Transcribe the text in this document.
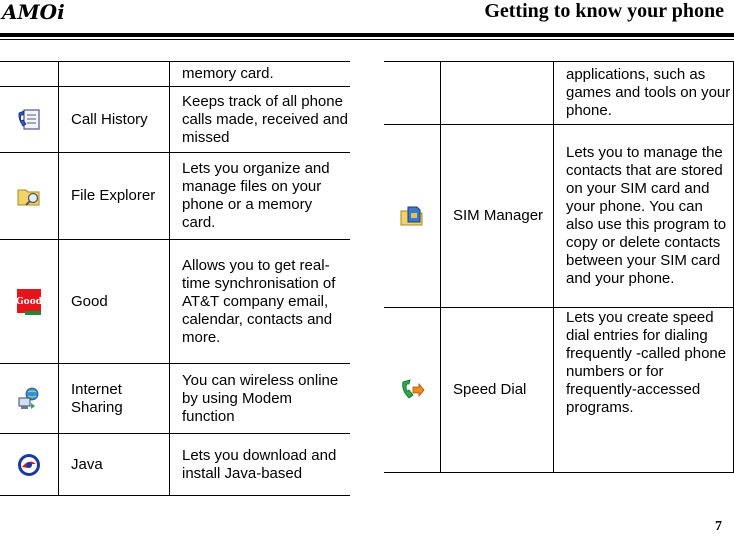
AMOi	Getting to know your phone
		memory card.
	Call History	Keeps track of all phone calls made, received and missed
	File Explorer	Lets you organize and manage files on your phone or a memory card.

Good	Good	Allows you to get real-time synchronisation of AT&T company email, calendar, contacts and more.
	Internet Sharing	You can wireless online by using Modem function
	Java	Lets you download and install Java-based
		applications, such as games and tools on your phone.
	SIM Manager	Lets you to manage the contacts that are stored on your SIM card and your phone. You can also use this program to copy or delete contacts between your SIM card and your phone.
	Speed Dial	Lets you create speed dial entries for dialing frequently -called phone numbers or for frequently-accessed programs.
7
